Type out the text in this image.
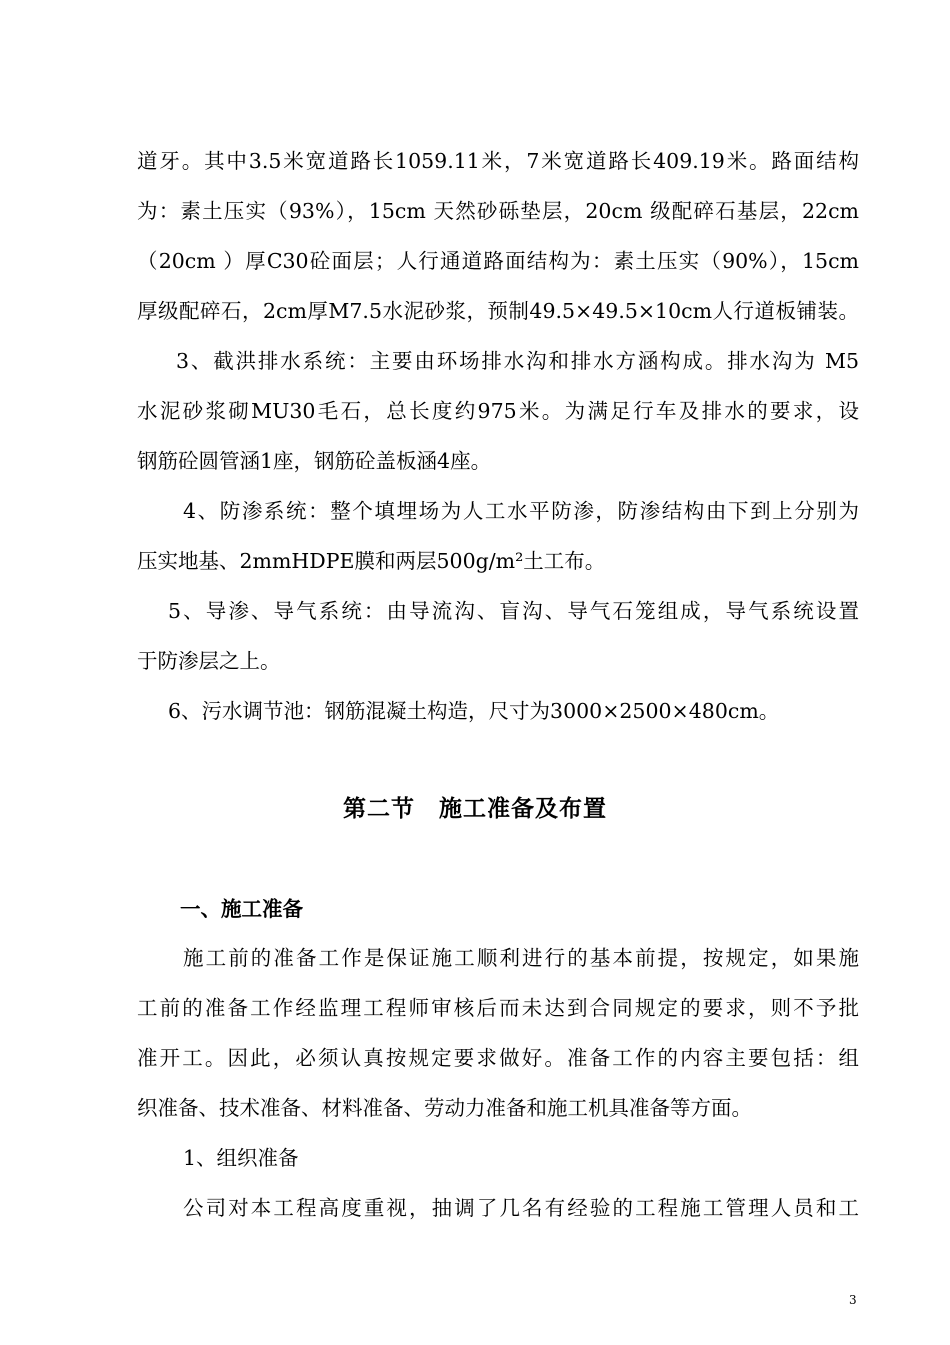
道牙。其中3.5米宽道路长1059.11米，7米宽道路长409.19米。路面结构
为：素土压实（93%），15cm 天然砂砾垫层，20cm 级配碎石基层，22cm
（20cm ）厚C30砼面层；人行通道路面结构为：素土压实（90%），15cm
厚级配碎石，2cm厚M7.5水泥砂浆，预制49.5×49.5×10cm人行道板铺装。
3、截洪排水系统：主要由环场排水沟和排水方涵构成。排水沟为 M5
水泥砂浆砌MU30毛石，总长度约975米。为满足行车及排水的要求，设
钢筋砼圆管涵1座，钢筋砼盖板涵4座。
4、防渗系统：整个填埋场为人工水平防渗，防渗结构由下到上分别为
压实地基、2mmHDPE膜和两层500g/m²土工布。
5、导渗、导气系统：由导流沟、盲沟、导气石笼组成，导气系统设置
于防渗层之上。
6、污水调节池：钢筋混凝土构造，尺寸为3000×2500×480cm。
第二节　施工准备及布置
一、施工准备
施工前的准备工作是保证施工顺利进行的基本前提，按规定，如果施
工前的准备工作经监理工程师审核后而未达到合同规定的要求，则不予批
准开工。因此，必须认真按规定要求做好。准备工作的内容主要包括：组
织准备、技术准备、材料准备、劳动力准备和施工机具准备等方面。
1、组织准备
公司对本工程高度重视，抽调了几名有经验的工程施工管理人员和工
3
